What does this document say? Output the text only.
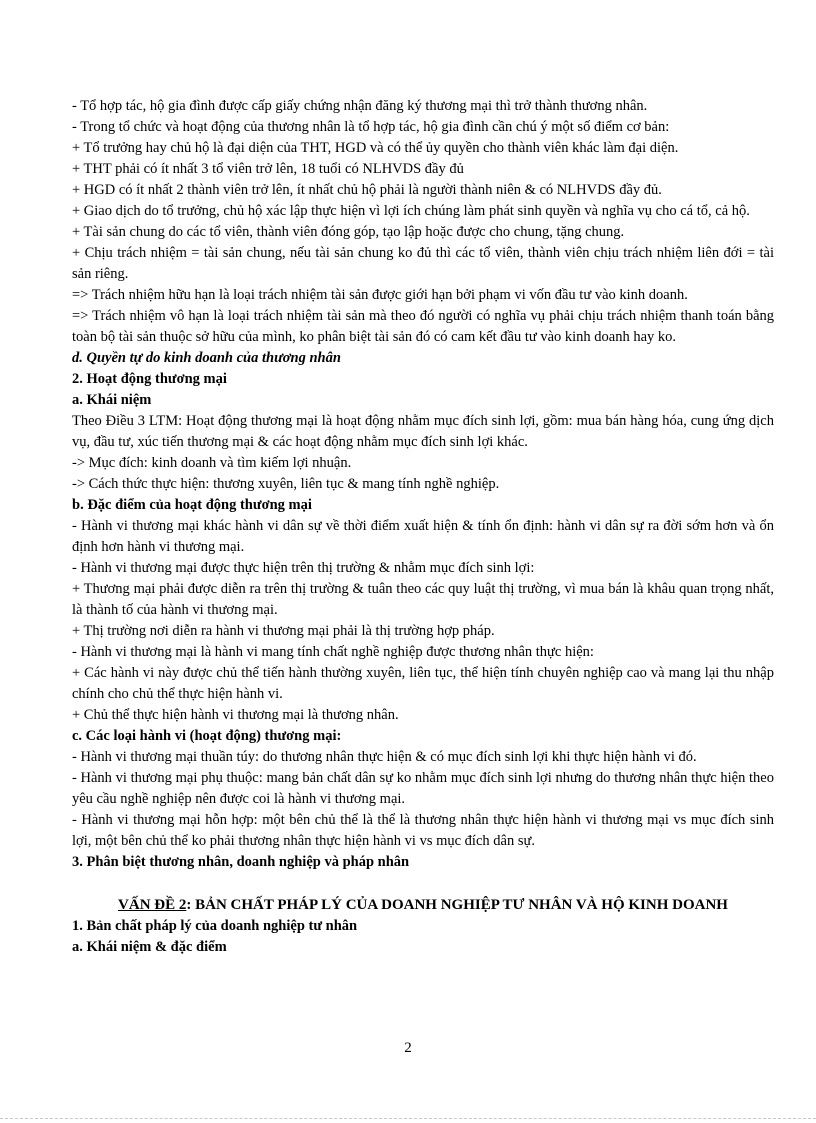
- Tổ hợp tác, hộ gia đình được cấp giấy chứng nhận đăng ký thương mại thì trở thành thương nhân.

- Trong tổ chức và hoạt động của thương nhân là tổ hợp tác, hộ gia đình cần chú ý một số điểm cơ bản:

+ Tổ trưởng hay chủ hộ là đại diện của THT, HGD và có thể ủy quyền cho thành viên khác làm đại diện.

+ THT phải có ít nhất 3 tổ viên trở lên, 18 tuổi có NLHVDS đầy đủ

+ HGD có ít nhất 2 thành viên trở lên, ít nhất chủ hộ phải là người thành niên & có NLHVDS đầy đủ.

+ Giao dịch do tổ trưởng, chủ hộ xác lập thực hiện vì lợi ích chúng làm phát sinh quyền và nghĩa vụ cho cá tổ, cả hộ.

+ Tài sản chung do các tổ viên, thành viên đóng góp, tạo lập hoặc được cho chung, tặng chung.

+ Chịu trách nhiệm = tài sản chung, nếu tài sản chung ko đủ thì các tổ viên, thành viên chịu trách nhiệm liên đới = tài sản riêng.

=> Trách nhiệm hữu hạn là loại trách nhiệm tài sản được giới hạn bởi phạm vi vốn đầu tư vào kinh doanh.

=> Trách nhiệm vô hạn là loại trách nhiệm tài sản mà theo đó người có nghĩa vụ phải chịu trách nhiệm thanh toán bằng toàn bộ tài sản thuộc sở hữu của mình, ko phân biệt tài sản đó có cam kết đầu tư vào kinh doanh hay ko.

d. Quyền tự do kinh doanh của thương nhân

2. Hoạt động thương mại

a. Khái niệm

Theo Điều 3 LTM: Hoạt động thương mại là hoạt động nhằm mục đích sinh lợi, gồm: mua bán hàng hóa, cung ứng dịch vụ, đầu tư, xúc tiến thương mại & các hoạt động nhằm mục đích sinh lợi khác.

-> Mục đích: kinh doanh và tìm kiếm lợi nhuận.

-> Cách thức thực hiện: thương xuyên, liên tục & mang tính nghề nghiệp.

b. Đặc điểm của hoạt động thương mại

- Hành vi thương mại khác hành vi dân sự về thời điểm xuất hiện & tính ổn định: hành vi dân sự ra đời sớm hơn và ổn định hơn hành vi thương mại.

- Hành vi thương mại được thực hiện trên thị trường & nhằm mục đích sinh lợi:

+ Thương mại phải được diễn ra trên thị trường & tuân theo các quy luật thị trường, vì mua bán là khâu quan trọng nhất, là thành tố của hành vi thương mại.

+ Thị trường nơi diễn ra hành vi thương mại phải là thị trường hợp pháp.

- Hành vi thương mại là hành vi mang tính chất nghề nghiệp được thương nhân thực hiện:

+ Các hành vi này được chủ thể tiến hành thường xuyên, liên tục, thể hiện tính chuyên nghiệp cao và mang lại thu nhập chính cho chủ thể thực hiện hành vi.

+ Chủ thể thực hiện hành vi thương mại là thương nhân.

c. Các loại hành vi (hoạt động) thương mại:

- Hành vi thương mại thuần túy: do thương nhân thực hiện & có mục đích sinh lợi khi thực hiện hành vi đó.

- Hành vi thương mại phụ thuộc: mang bản chất dân sự ko nhằm mục đích sinh lợi nhưng do thương nhân thực hiện theo yêu cầu nghề nghiệp nên được coi là hành vi thương mại.

- Hành vi thương mại hỗn hợp: một bên chủ thể là thể là thương nhân thực hiện hành vi thương mại vs mục đích sinh lợi, một bên chủ thể ko phải thương nhân thực hiện hành vi vs mục đích dân sự.

3. Phân biệt thương nhân, doanh nghiệp và pháp nhân

VẤN ĐỀ 2: BẢN CHẤT PHÁP LÝ CỦA DOANH NGHIỆP TƯ NHÂN VÀ HỘ KINH DOANH

1. Bản chất pháp lý của doanh nghiệp tư nhân

a. Khái niệm & đặc điểm

2
